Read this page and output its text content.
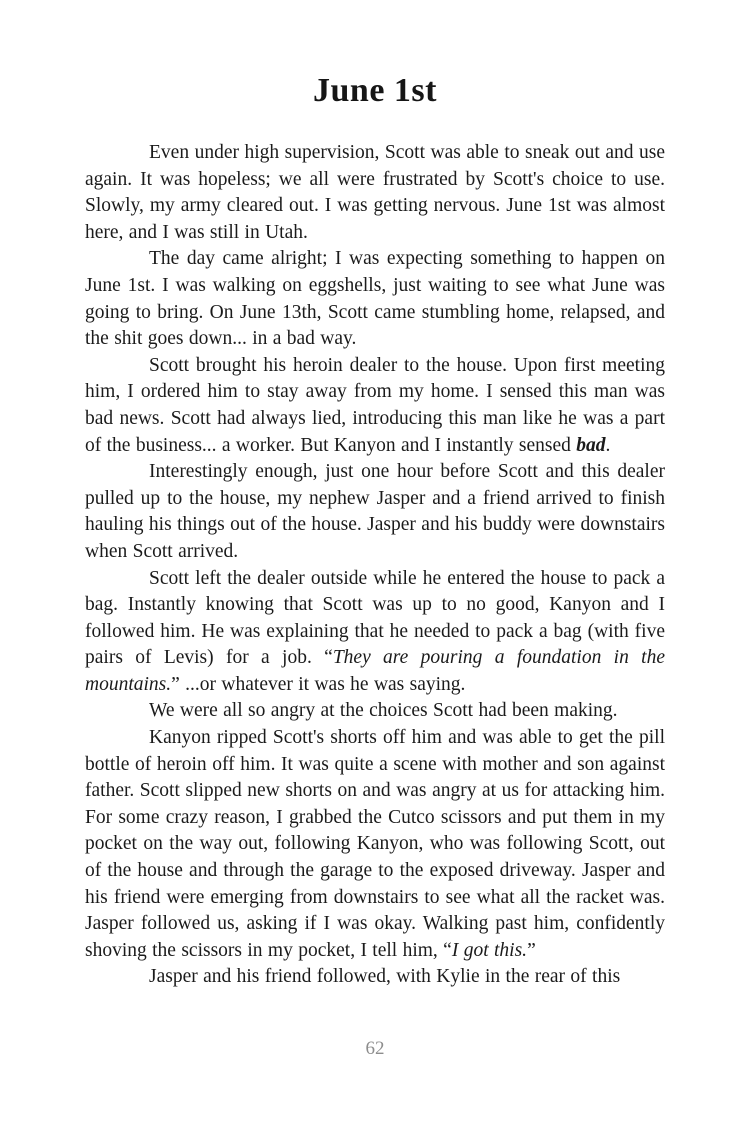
June 1st

Even under high supervision, Scott was able to sneak out and use again. It was hopeless; we all were frustrated by Scott's choice to use. Slowly, my army cleared out. I was getting nervous. June 1st was almost here, and I was still in Utah.

The day came alright; I was expecting something to happen on June 1st. I was walking on eggshells, just waiting to see what June was going to bring. On June 13th, Scott came stumbling home, relapsed, and the shit goes down... in a bad way.

Scott brought his heroin dealer to the house. Upon first meeting him, I ordered him to stay away from my home. I sensed this man was bad news. Scott had always lied, introducing this man like he was a part of the business... a worker. But Kanyon and I instantly sensed bad.

Interestingly enough, just one hour before Scott and this dealer pulled up to the house, my nephew Jasper and a friend arrived to finish hauling his things out of the house. Jasper and his buddy were downstairs when Scott arrived.

Scott left the dealer outside while he entered the house to pack a bag. Instantly knowing that Scott was up to no good, Kanyon and I followed him. He was explaining that he needed to pack a bag (with five pairs of Levis) for a job. “They are pouring a foundation in the mountains.” ...or whatever it was he was saying.

We were all so angry at the choices Scott had been making.

Kanyon ripped Scott's shorts off him and was able to get the pill bottle of heroin off him. It was quite a scene with mother and son against father. Scott slipped new shorts on and was angry at us for attacking him. For some crazy reason, I grabbed the Cutco scissors and put them in my pocket on the way out, following Kanyon, who was following Scott, out of the house and through the garage to the exposed driveway. Jasper and his friend were emerging from downstairs to see what all the racket was. Jasper followed us, asking if I was okay. Walking past him, confidently shoving the scissors in my pocket, I tell him, “I got this.”

Jasper and his friend followed, with Kylie in the rear of this

62
